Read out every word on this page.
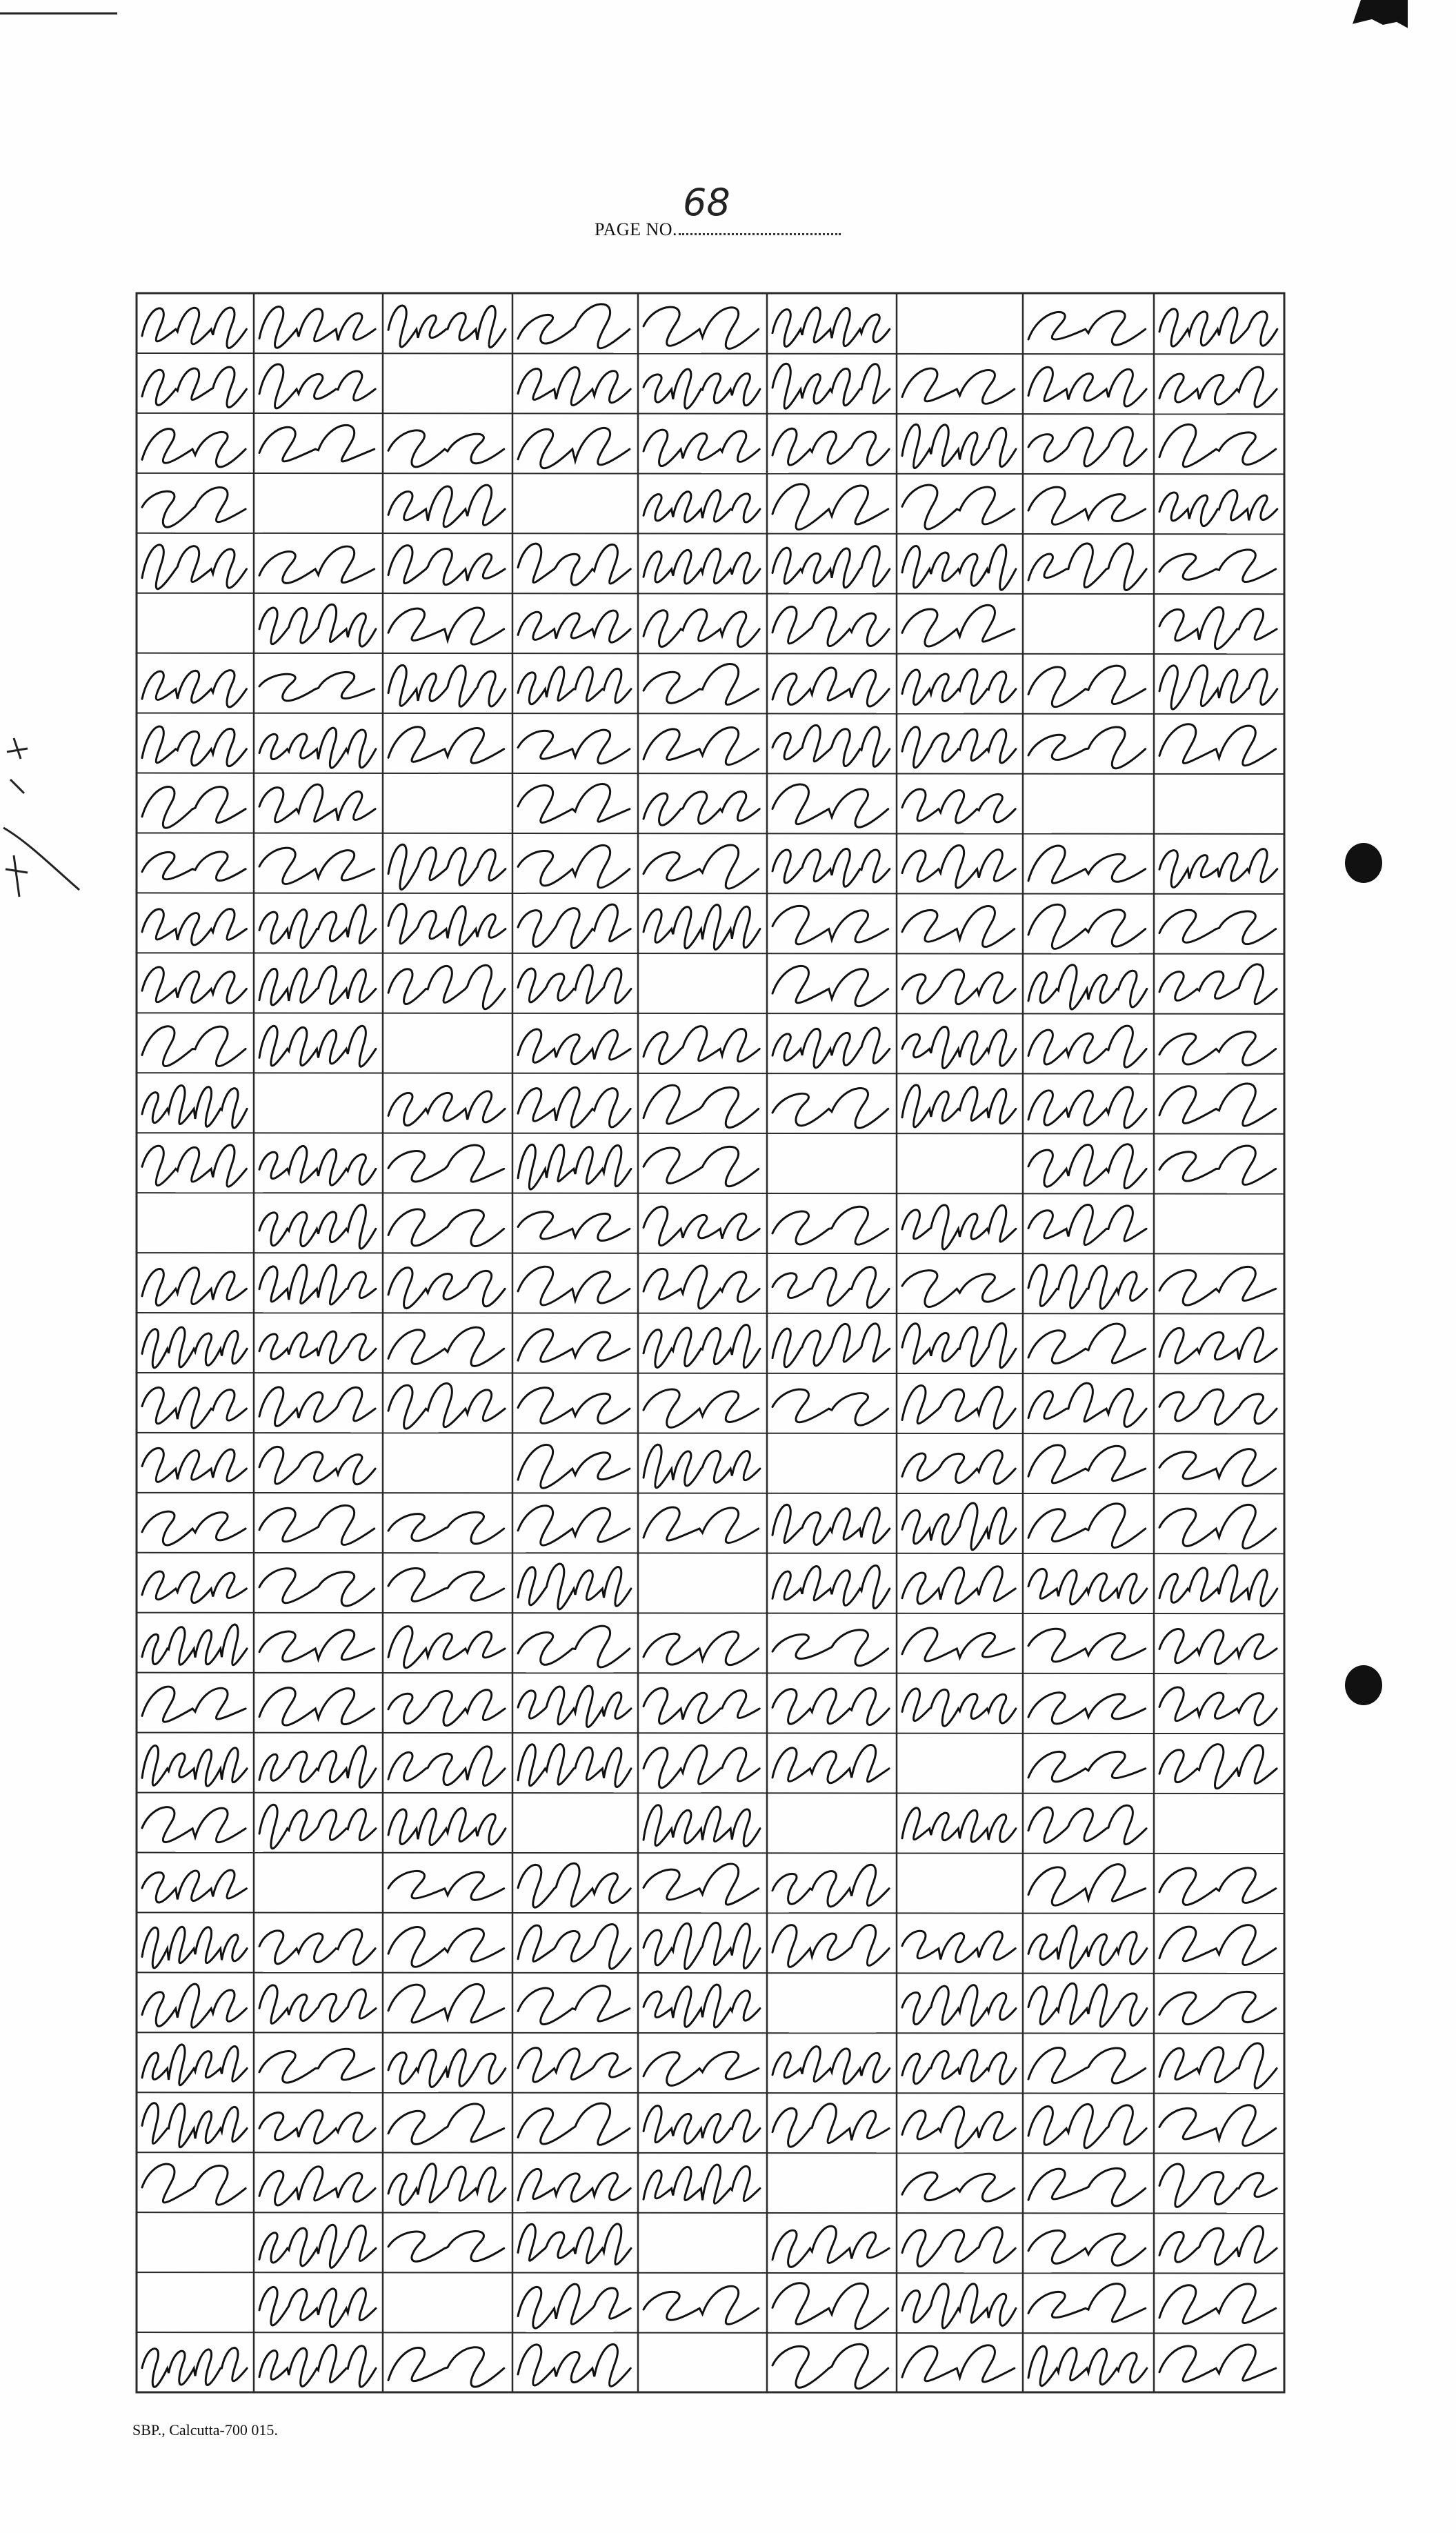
PAGE NO.
68
SBP., Calcutta-700 015.
